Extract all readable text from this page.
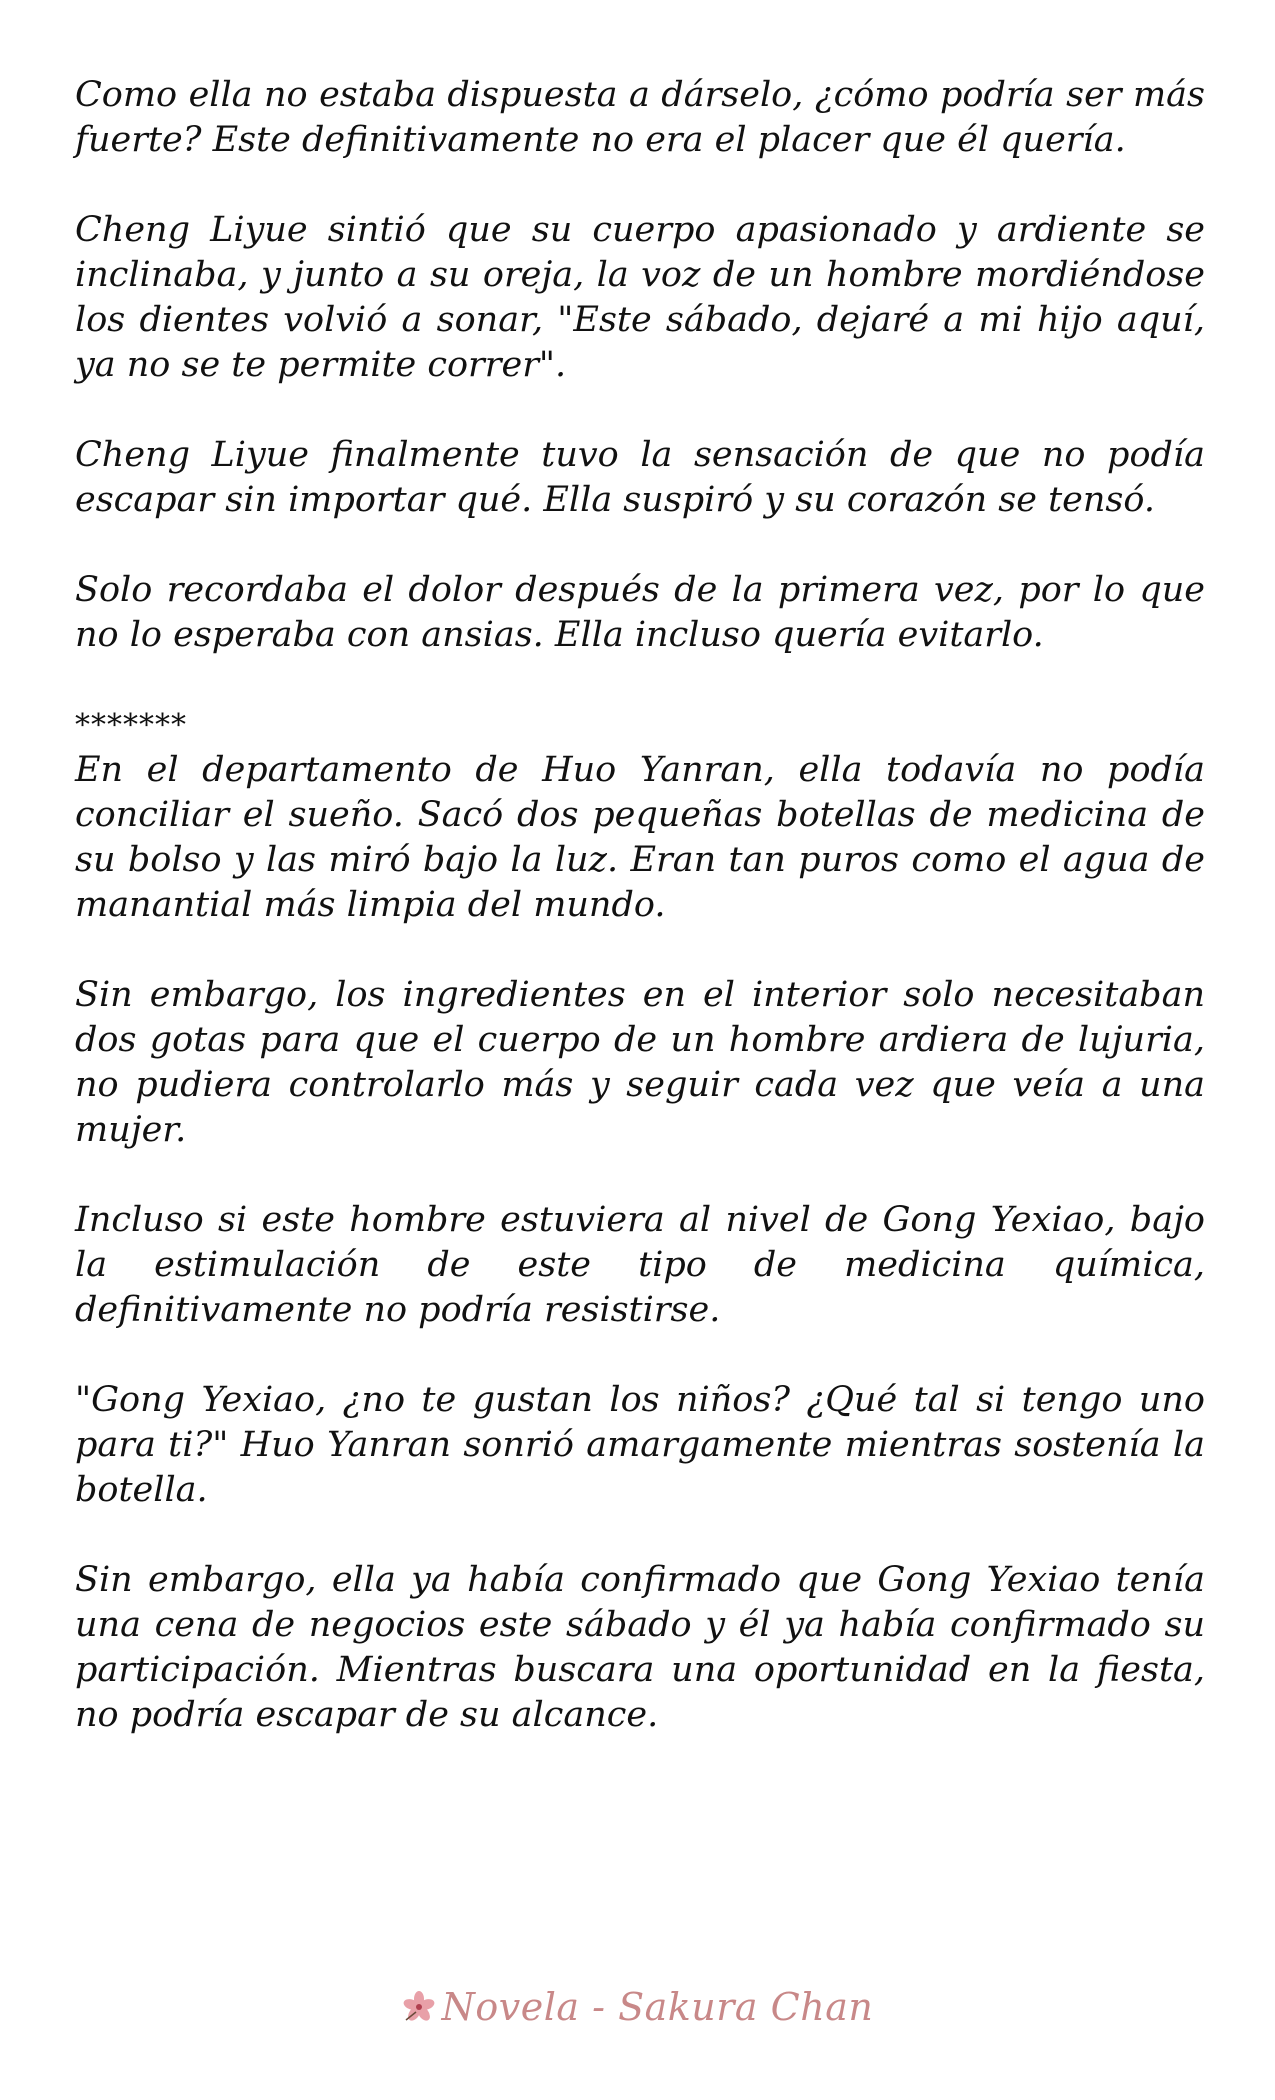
Como ella no estaba dispuesta a dárselo, ¿cómo podría ser más fuerte? Este definitivamente no era el placer que él quería.

Cheng Liyue sintió que su cuerpo apasionado y ardiente se inclinaba, y junto a su oreja, la voz de un hombre mordiéndose los dientes volvió a sonar, "Este sábado, dejaré a mi hijo aquí, ya no se te permite correr".

Cheng Liyue finalmente tuvo la sensación de que no podía escapar sin importar qué. Ella suspiró y su corazón se tensó.

Solo recordaba el dolor después de la primera vez, por lo que no lo esperaba con ansias. Ella incluso quería evitarlo.

*******

En el departamento de Huo Yanran, ella todavía no podía conciliar el sueño. Sacó dos pequeñas botellas de medicina de su bolso y las miró bajo la luz. Eran tan puros como el agua de manantial más limpia del mundo.

Sin embargo, los ingredientes en el interior solo necesitaban dos gotas para que el cuerpo de un hombre ardiera de lujuria, no pudiera controlarlo más y seguir cada vez que veía a una mujer.

Incluso si este hombre estuviera al nivel de Gong Yexiao, bajo la estimulación de este tipo de medicina química, definitivamente no podría resistirse.

"Gong Yexiao, ¿no te gustan los niños? ¿Qué tal si tengo uno para ti?" Huo Yanran sonrió amargamente mientras sostenía la botella.

Sin embargo, ella ya había confirmado que Gong Yexiao tenía una cena de negocios este sábado y él ya había confirmado su participación. Mientras buscara una oportunidad en la fiesta, no podría escapar de su alcance.

Novela - Sakura Chan
